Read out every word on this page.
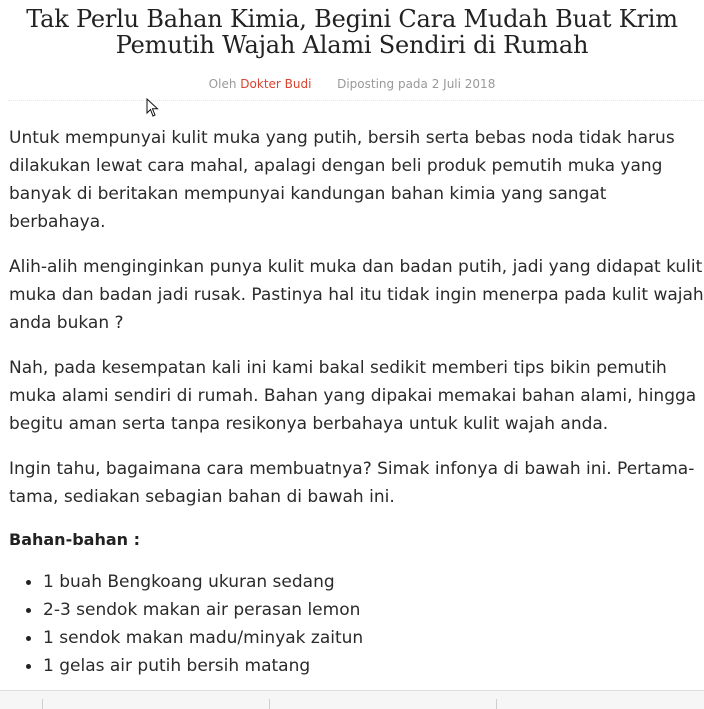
Tak Perlu Bahan Kimia, Begini Cara Mudah Buat Krim Pemutih Wajah Alami Sendiri di Rumah
Oleh Dokter Budi Diposting pada 2 Juli 2018

Untuk mempunyai kulit muka yang putih, bersih serta bebas noda tidak harus dilakukan lewat cara mahal, apalagi dengan beli produk pemutih muka yang banyak di beritakan mempunyai kandungan bahan kimia yang sangat berbahaya.

Alih-alih menginginkan punya kulit muka dan badan putih, jadi yang didapat kulit muka dan badan jadi rusak. Pastinya hal itu tidak ingin menerpa pada kulit wajah anda bukan ?

Nah, pada kesempatan kali ini kami bakal sedikit memberi tips bikin pemutih muka alami sendiri di rumah. Bahan yang dipakai memakai bahan alami, hingga begitu aman serta tanpa resikonya berbahaya untuk kulit wajah anda.

Ingin tahu, bagaimana cara membuatnya? Simak infonya di bawah ini. Pertama-tama, sediakan sebagian bahan di bawah ini.

Bahan-bahan :
1 buah Bengkoang ukuran sedang
2-3 sendok makan air perasan lemon
1 sendok makan madu/minyak zaitun
1 gelas air putih bersih matang
